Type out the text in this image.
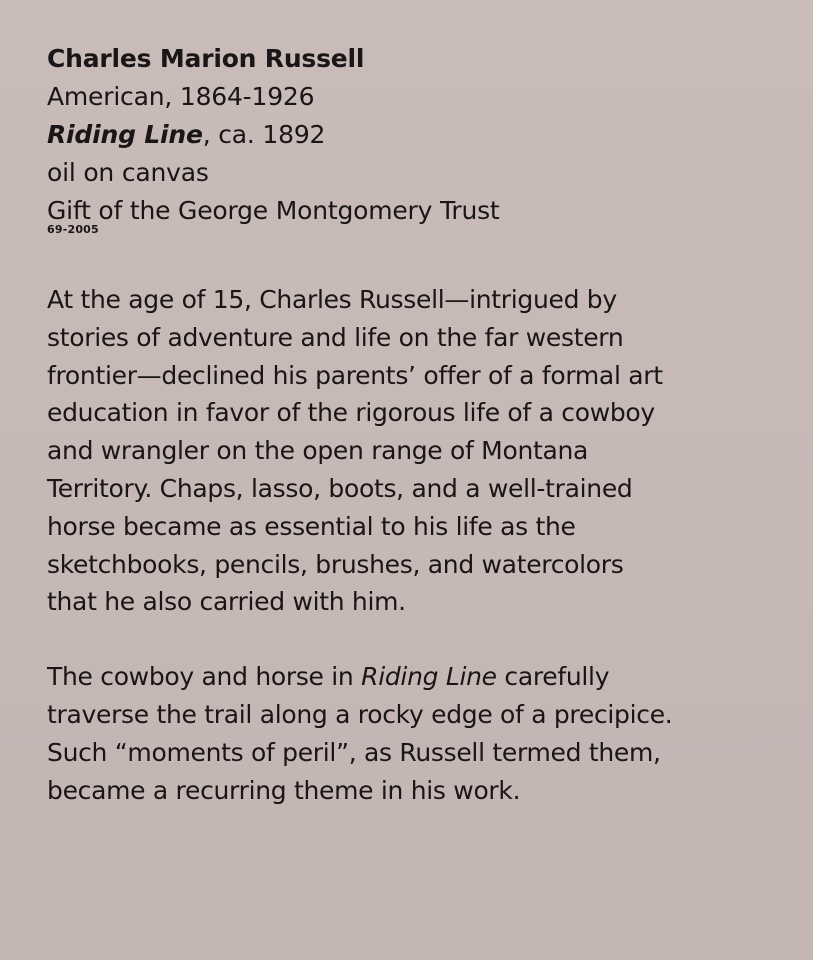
Charles Marion Russell
American, 1864-1926
Riding Line, ca. 1892
oil on canvas
Gift of the George Montgomery Trust
69-2005

At the age of 15, Charles Russell—intrigued by
stories of adventure and life on the far western
frontier—declined his parents’ offer of a formal art
education in favor of the rigorous life of a cowboy
and wrangler on the open range of Montana
Territory. Chaps, lasso, boots, and a well-trained
horse became as essential to his life as the
sketchbooks, pencils, brushes, and watercolors
that he also carried with him.

The cowboy and horse in Riding Line carefully
traverse the trail along a rocky edge of a precipice.
Such “moments of peril”, as Russell termed them,
became a recurring theme in his work.
